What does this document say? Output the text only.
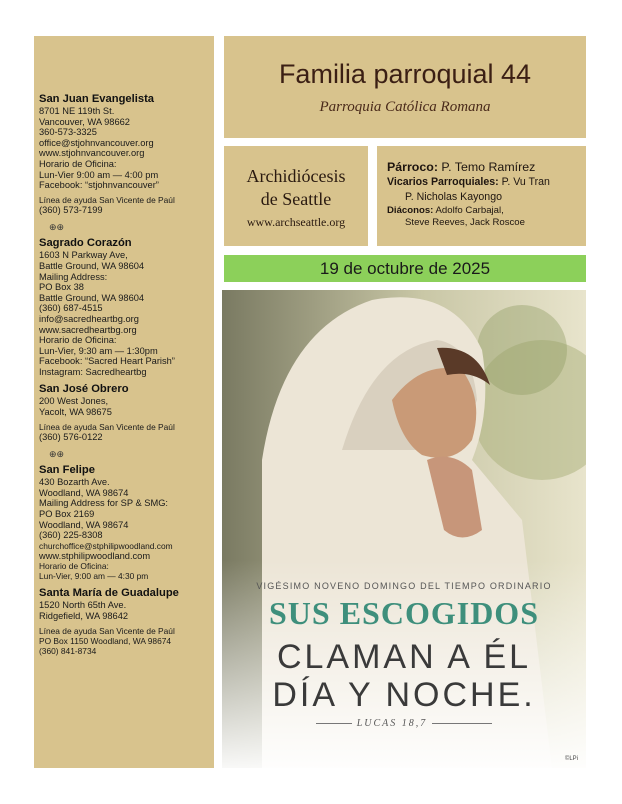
San Juan Evangelista
8701 NE 119th St.
Vancouver, WA 98662
360-573-3325
office@stjohnvancouver.org
www.stjohnvancouver.org
Horario de Oficina:
Lun-Vier 9:00 am — 4:00 pm
Facebook: “stjohnvancouver”
Línea de ayuda San Vicente de Paúl
(360) 573-7199
⊕⊕
Sagrado Corazón
1603 N Parkway Ave,
Battle Ground, WA 98604
Mailing Address:
PO Box 38
Battle Ground, WA 98604
(360) 687-4515
info@sacredheartbg.org
www.sacredheartbg.org
Horario de Oficina:
Lun-Vier, 9:30 am — 1:30pm
Facebook: “Sacred Heart Parish”
Instagram: Sacredheartbg
San José Obrero
200 West Jones,
Yacolt, WA 98675
Línea de ayuda San Vicente de Paúl
(360) 576-0122
⊕⊕
San Felipe
430 Bozarth Ave.
Woodland, WA 98674
Mailing Address for SP & SMG:
PO Box 2169
Woodland, WA 98674
(360) 225-8308
churchoffice@stphilipwoodland.com
www.stphilipwoodland.com
Horario de Oficina:
Lun-Vier, 9:00 am — 4:30 pm
Santa María de Guadalupe
1520 North 65th Ave.
Ridgefield, WA 98642
Línea de ayuda San Vicente de Paúl
PO Box 1150 Woodland, WA 98674
(360) 841-8734
Familia parroquial 44
Parroquia Católica Romana
Archidiócesis
de Seattle
www.archseattle.org
Párroco: P. Temo Ramírez
Vicarios Parroquiales: P. Vu Tran
P. Nicholas Kayongo
Diáconos: Adolfo Carbajal,
Steve Reeves, Jack Roscoe
19 de octubre de 2025
VIGÉSIMO NOVENO DOMINGO DEL TIEMPO ORDINARIO
SUS ESCOGIDOS
CLAMAN A ÉL
DÍA Y NOCHE.
LUCAS 18,7
©LPi
